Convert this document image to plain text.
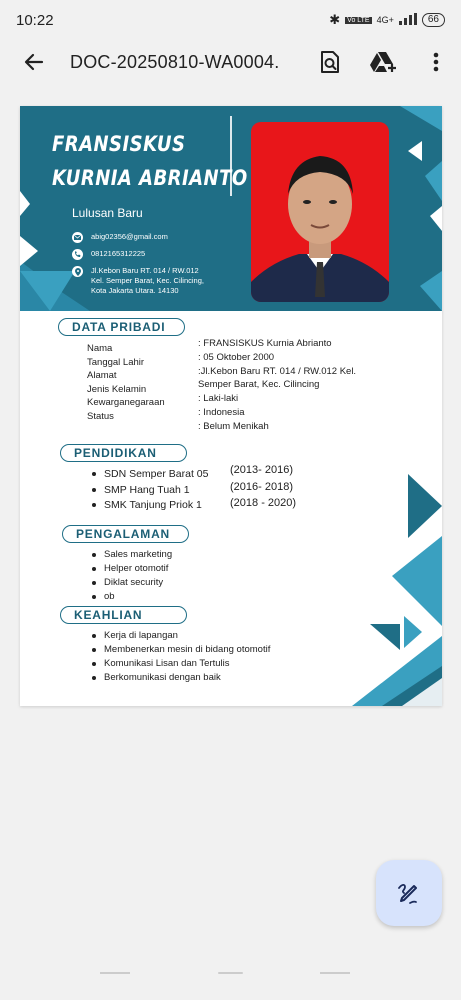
10:22	✱ Vo LTE 4G+	66
DOC-20250810-WA0004.
FRANSISKUS
KURNIA ABRIANTO
Lulusan Baru
abig02356@gmail.com
0812165312225
Jl.Kebon Baru RT. 014 / RW.012
Kel. Semper Barat, Kec. Cilincing,
Kota Jakarta Utara. 14130
DATA PRIBADI
Nama
Tanggal Lahir
Alamat
Jenis Kelamin
Kewarganegaraan
Status
: FRANSISKUS Kurnia Abrianto
: 05 Oktober 2000
:Jl.Kebon Baru RT. 014 / RW.012 Kel.
Semper Barat, Kec. Cilincing
: Laki-laki
: Indonesia
: Belum Menikah
PENDIDIKAN
SDN Semper Barat 05
SMP Hang Tuah 1
SMK Tanjung Priok 1
(2013- 2016)
(2016- 2018)
(2018 - 2020)
PENGALAMAN
Sales marketing
Helper otomotif
Diklat security
ob
KEAHLIAN
Kerja di lapangan
Membenerkan mesin di bidang otomotif
Komunikasi Lisan dan Tertulis
Berkomunikasi dengan baik
